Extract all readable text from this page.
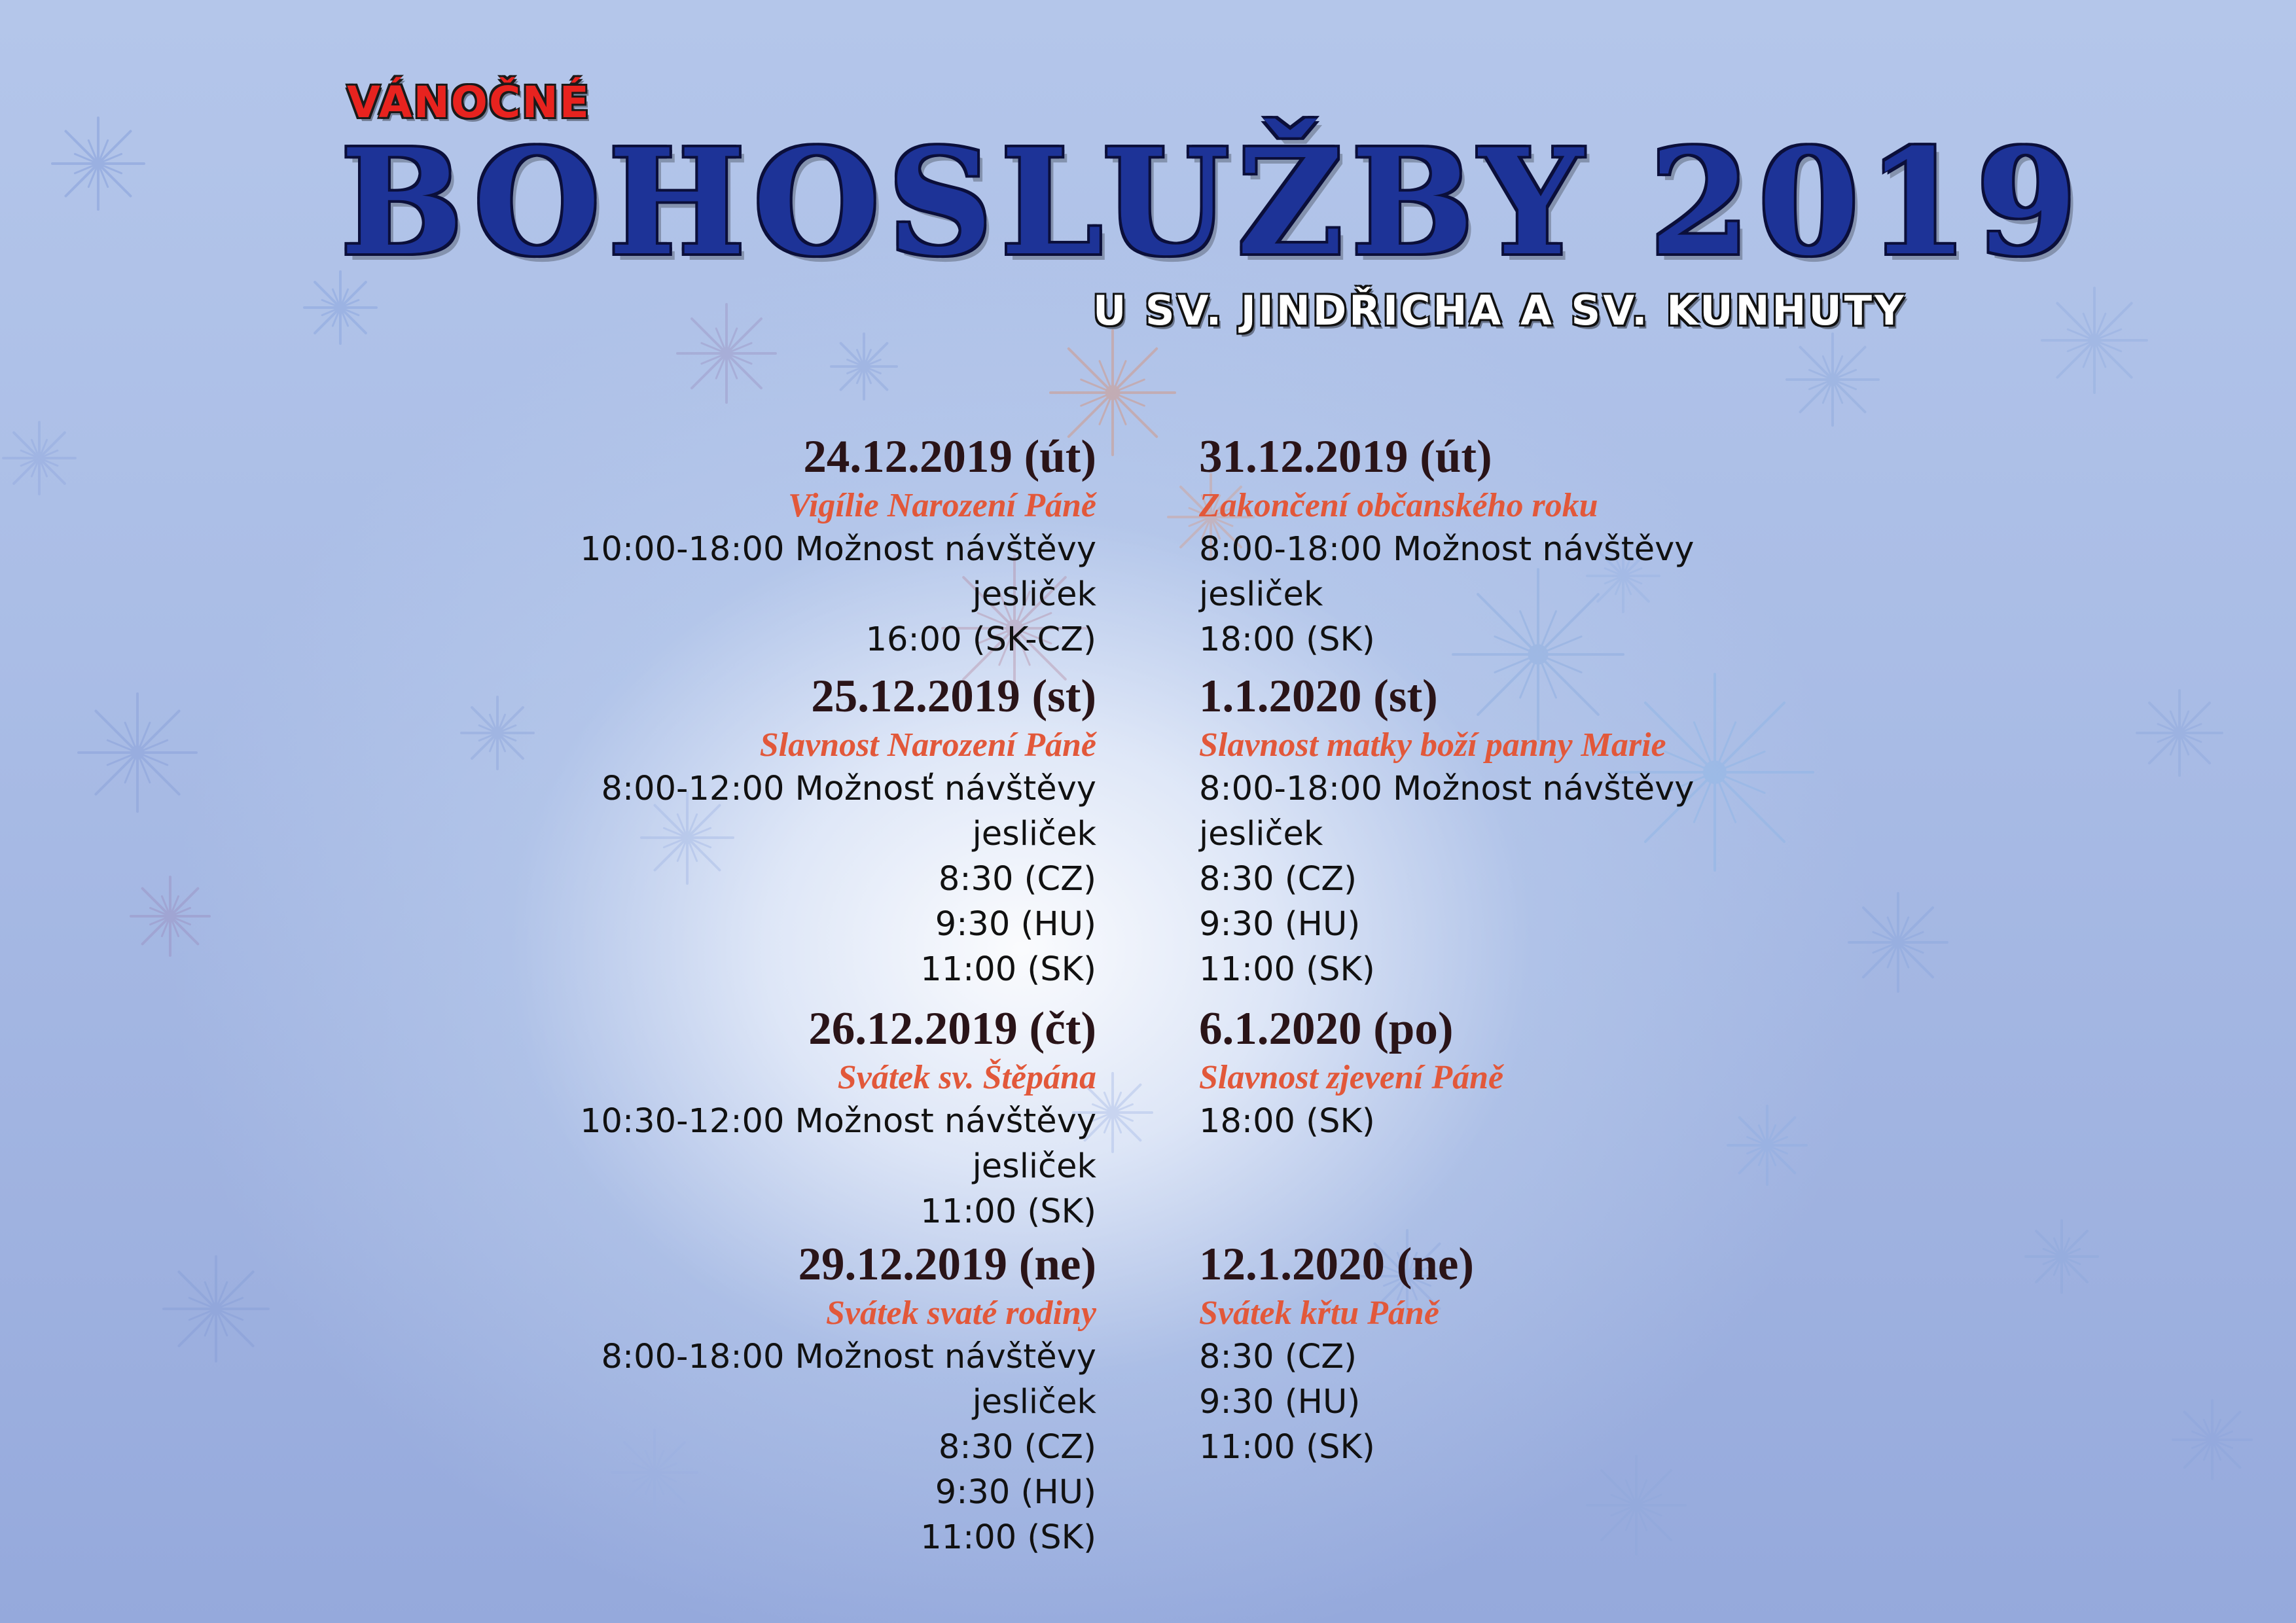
VÁNOČNÉ
BOHOSLUŽBY 2019
U SV. JINDŘICHA A SV. KUNHUTY
24.12.2019 (út)
Vigílie Narození Páně
10:00-18:00 Možnost návštěvy jesliček
16:00 (SK-CZ)
25.12.2019 (st)
Slavnost Narození Páně
8:00-12:00 Možnosť návštěvy jesliček
8:30 (CZ)
9:30 (HU)
11:00 (SK)
26.12.2019 (čt)
Svátek sv. Štěpána
10:30-12:00 Možnost návštěvy jesliček
11:00 (SK)
29.12.2019 (ne)
Svátek svaté rodiny
8:00-18:00 Možnost návštěvy jesliček
8:30 (CZ)
9:30 (HU)
11:00 (SK)
31.12.2019 (út)
Zakončení občanského roku
8:00-18:00 Možnost návštěvy jesliček
18:00 (SK)
1.1.2020 (st)
Slavnost matky boží panny Marie
8:00-18:00 Možnost návštěvy jesliček
8:30 (CZ)
9:30 (HU)
11:00 (SK)
6.1.2020 (po)
Slavnost zjevení Páně
18:00 (SK)
12.1.2020 (ne)
Svátek křtu Páně
8:30 (CZ)
9:30 (HU)
11:00 (SK)
